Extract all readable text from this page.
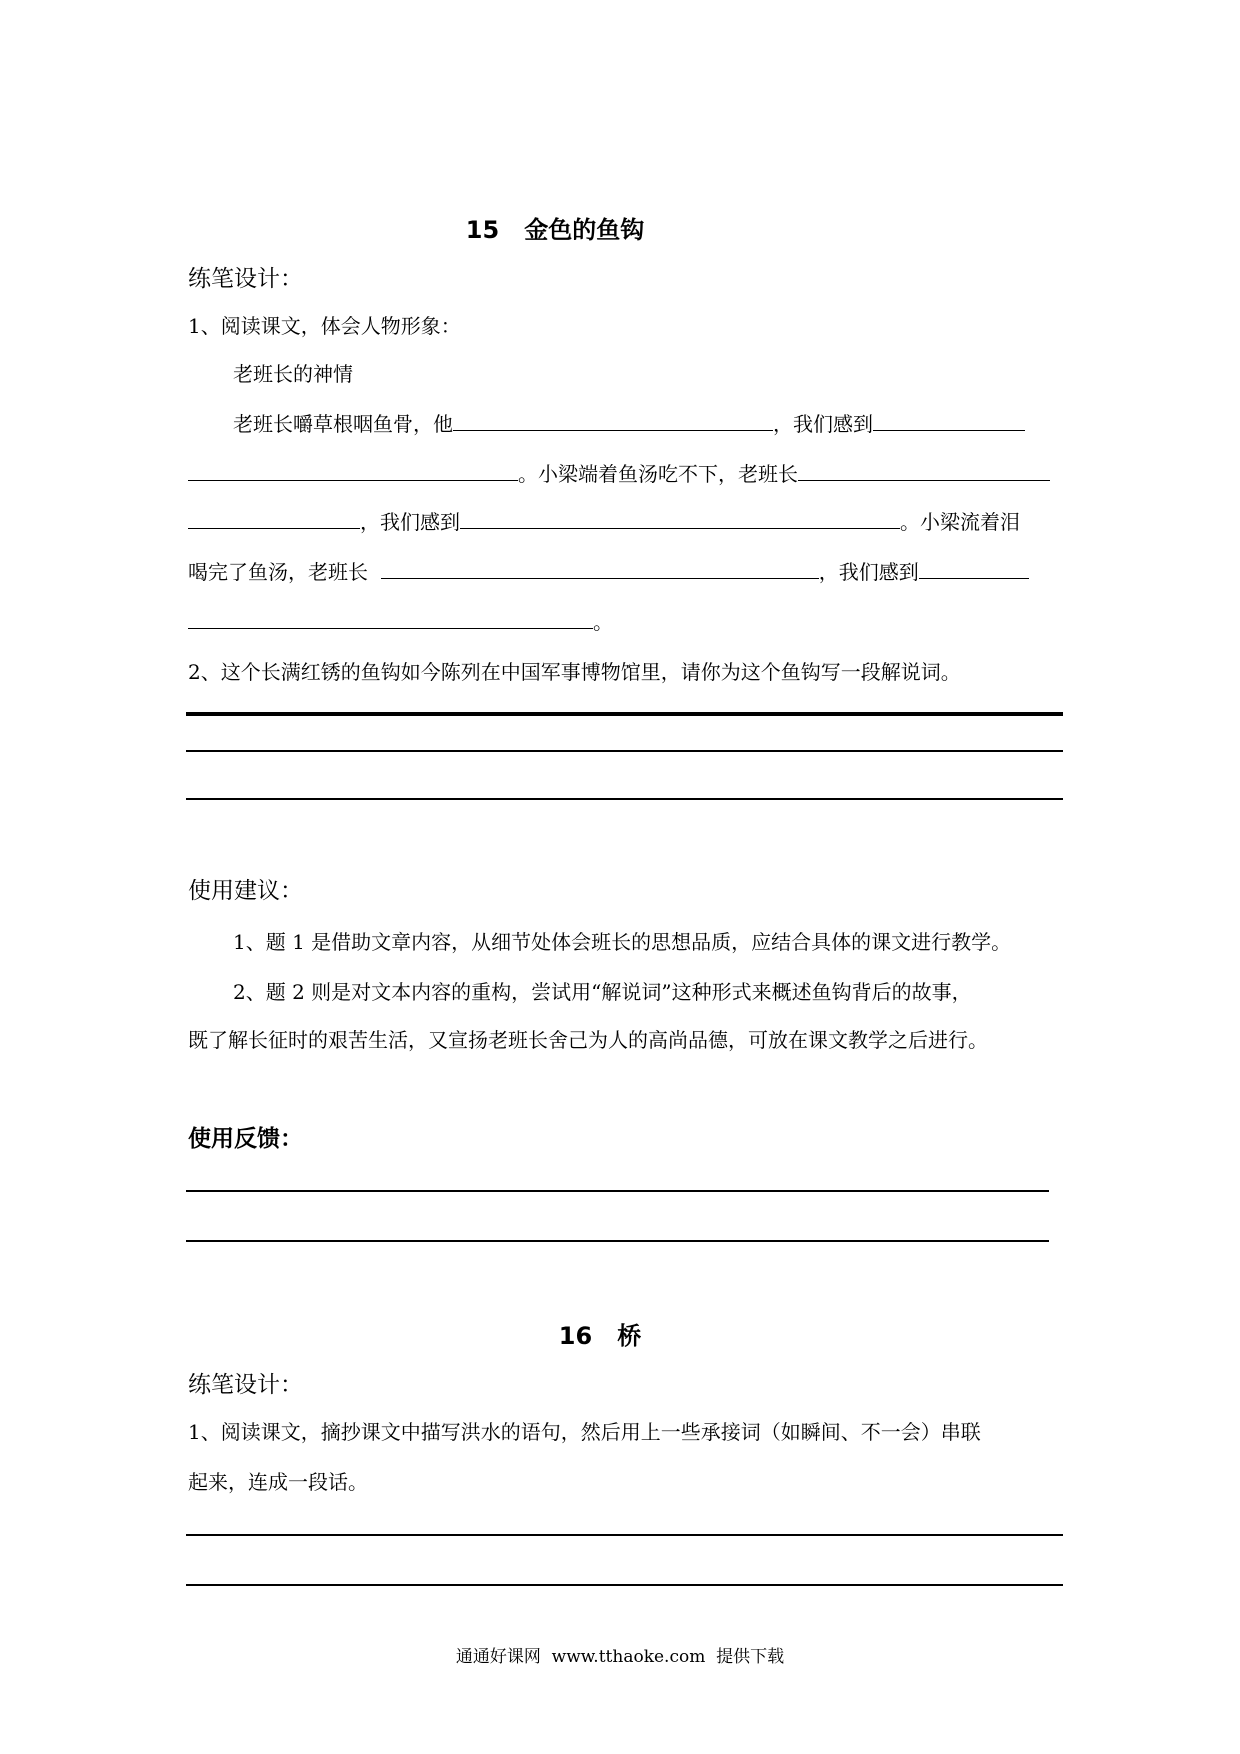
15   金色的鱼钩
练笔设计：
1、阅读课文，体会人物形象：
老班长的神情
老班长嚼草根咽鱼骨，他	，我们感到
。小梁端着鱼汤吃不下，老班长
，我们感到	。小梁流着泪
喝完了鱼汤，老班长	，我们感到
。
2、这个长满红锈的鱼钩如今陈列在中国军事博物馆里，请你为这个鱼钩写一段解说词。
使用建议：
1、题 1 是借助文章内容，从细节处体会班长的思想品质，应结合具体的课文进行教学。
2、题 2 则是对文本内容的重构，尝试用“解说词”这种形式来概述鱼钩背后的故事，
既了解长征时的艰苦生活，又宣扬老班长舍己为人的高尚品德，可放在课文教学之后进行。
使用反馈：
16   桥
练笔设计：
1、阅读课文，摘抄课文中描写洪水的语句，然后用上一些承接词（如瞬间、不一会）串联
起来，连成一段话。
通通好课网  www.tthaoke.com  提供下载
